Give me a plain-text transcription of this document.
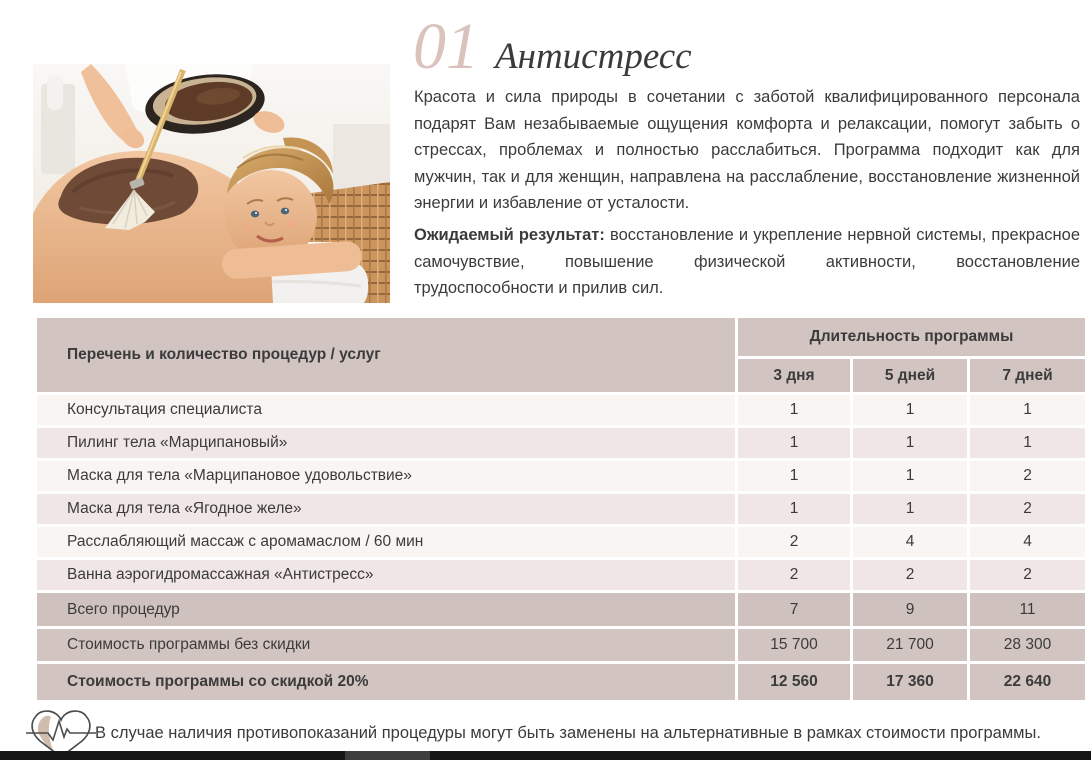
01 Антистресс

Красота и сила природы в сочетании с заботой квалифицированного персонала подарят Вам незабываемые ощущения комфорта и релаксации, помогут забыть о стрессах, проблемах и полностью расслабиться. Программа подходит как для мужчин, так и для женщин, направлена на расслабление, восстановление жизненной энергии и избавление от усталости.

Ожидаемый результат: восстановление и укрепление нервной системы, прекрасное самочувствие, повышение физической активности, восстановление трудоспособности и прилив сил.

Перечень и количество процедур / услуг
Длительность программы
3 дня	5 дней	7 дней
Консультация специалиста	1	1	1
Пилинг тела «Марципановый»	1	1	1
Маска для тела «Марципановое удовольствие»	1	1	2
Маска для тела «Ягодное желе»	1	1	2
Расслабляющий массаж с аромамаслом / 60 мин	2	4	4
Ванна аэрогидромассажная «Антистресс»	2	2	2
Всего процедур	7	9	11
Стоимость программы без скидки	15 700	21 700	28 300
Стоимость программы со скидкой 20%	12 560	17 360	22 640
В случае наличия противопоказаний процедуры могут быть заменены на альтернативные в рамках стоимости программы.
